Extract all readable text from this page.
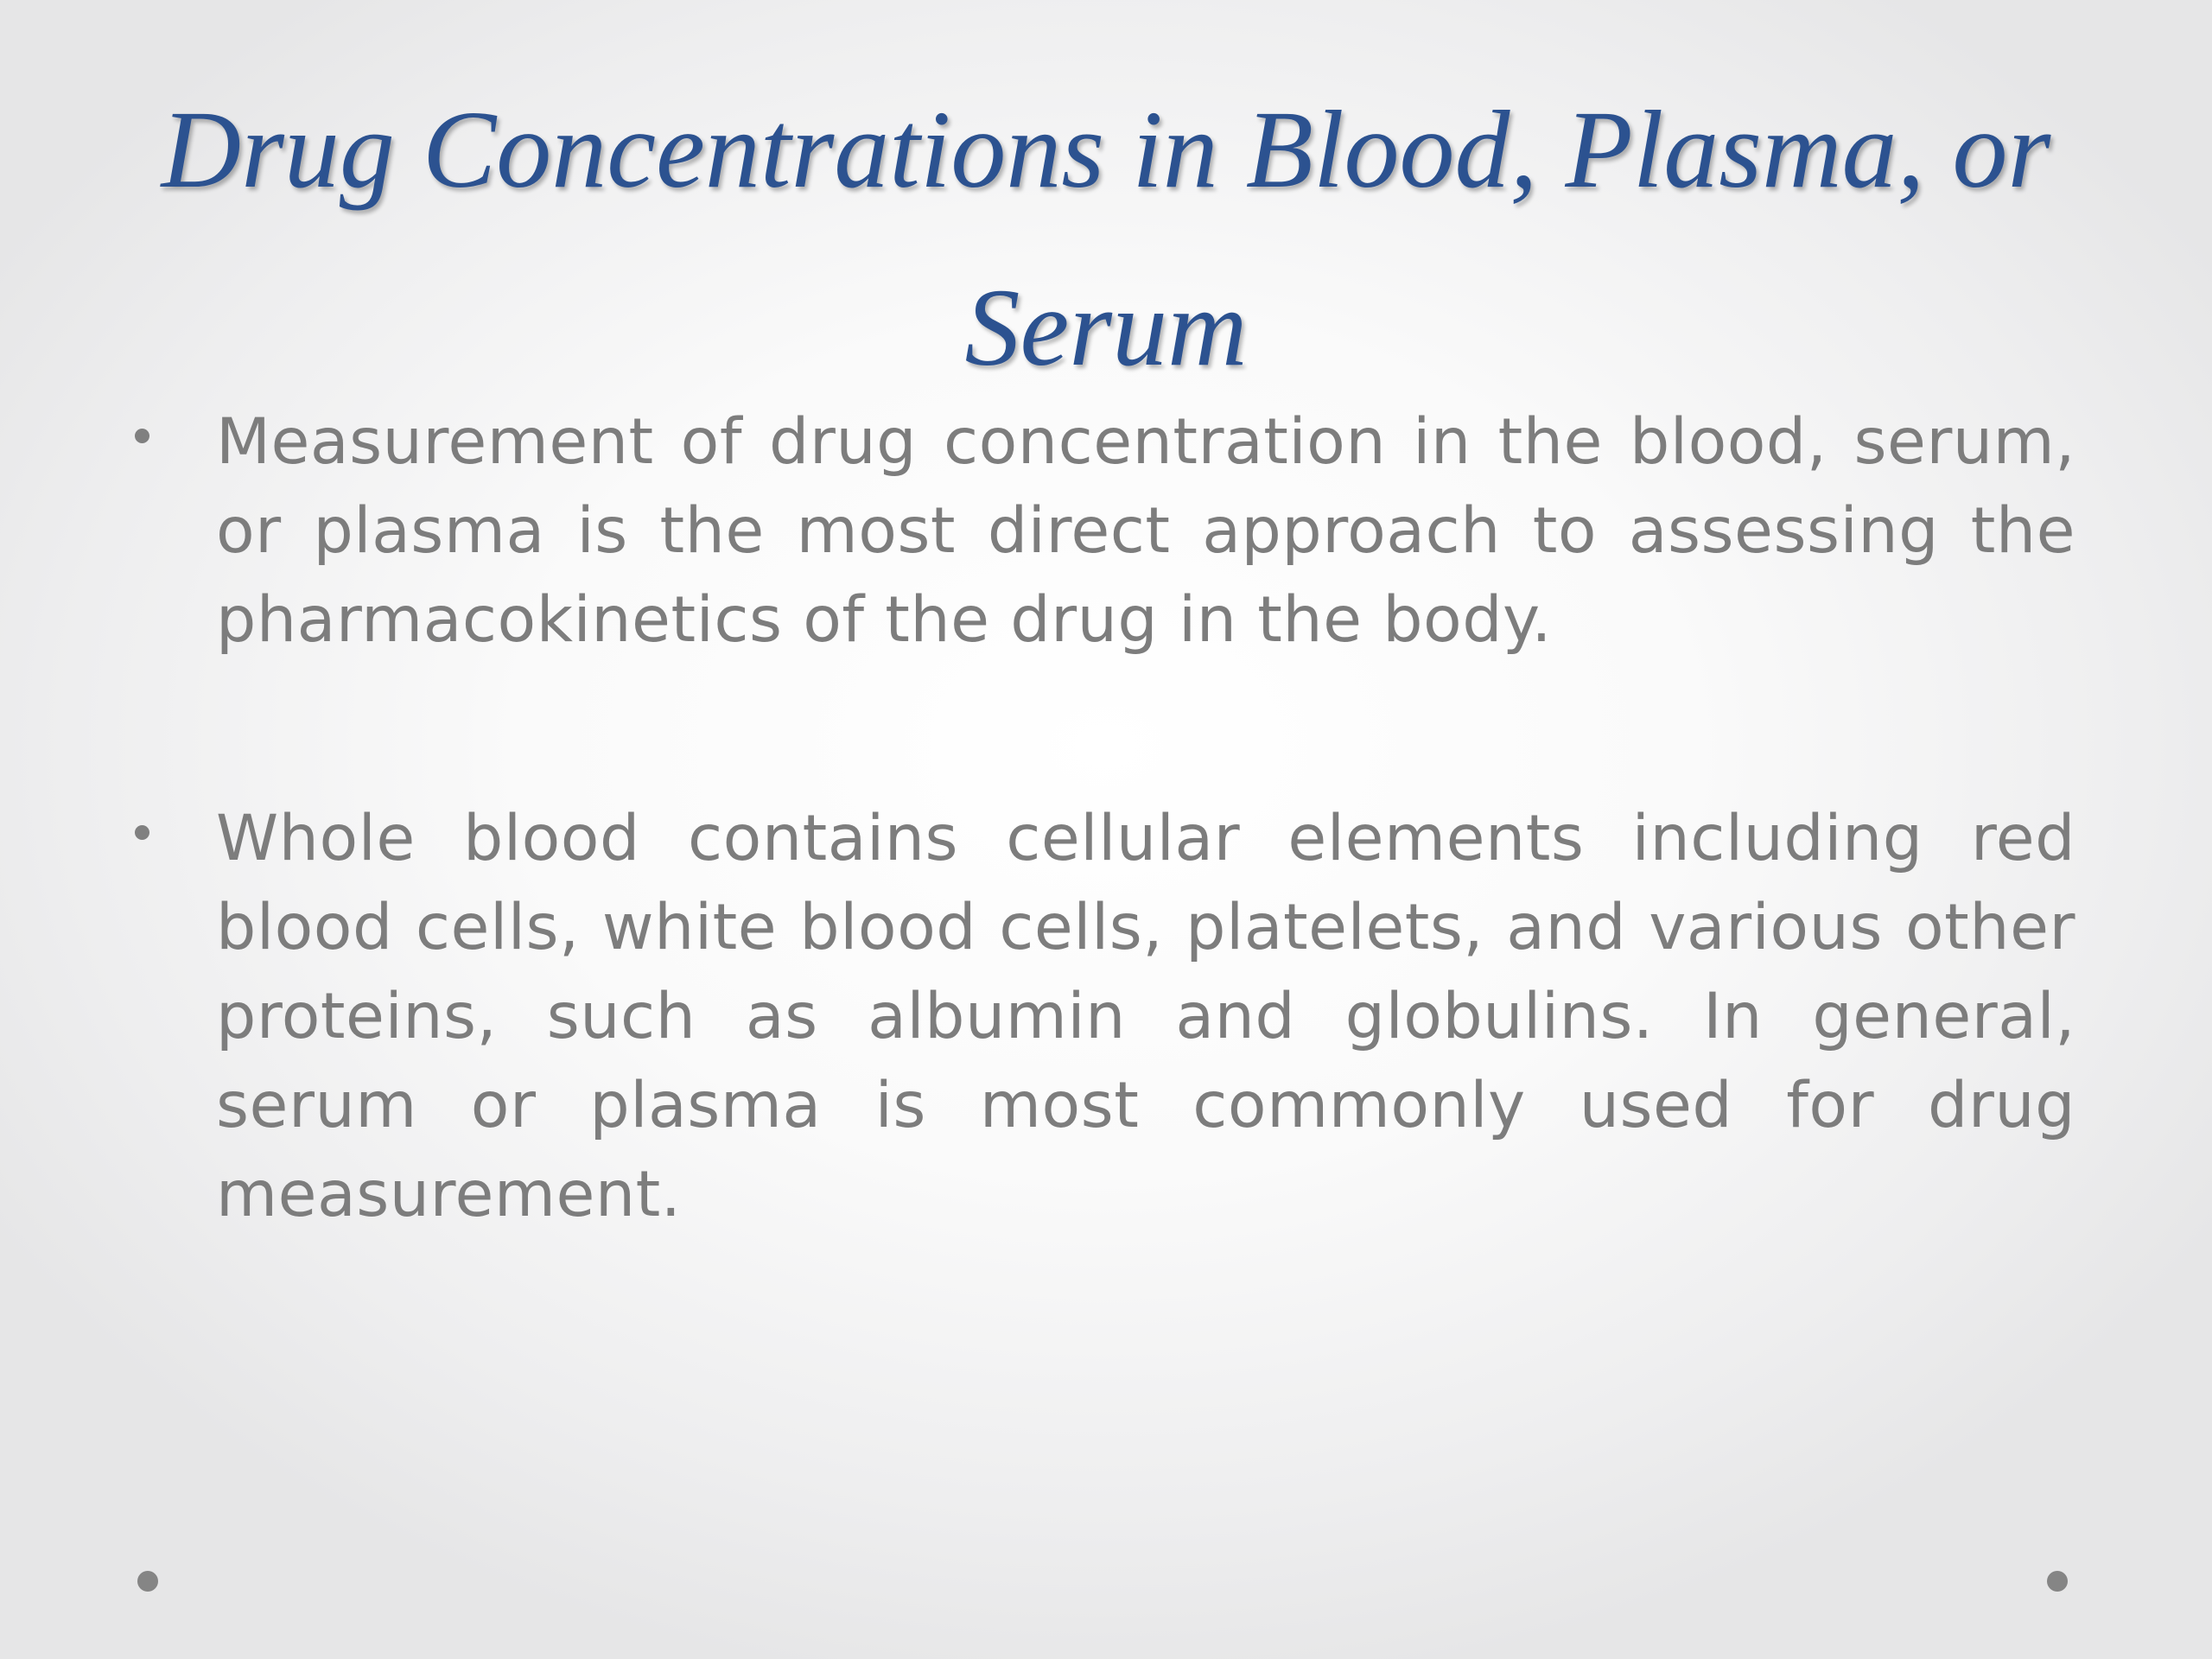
Drug Concentrations in Blood, Plasma, or Serum
Measurement of drug concentration in the blood, serum, or plasma is the most direct approach to assessing the pharmacokinetics of the drug in the body.
Whole blood contains cellular elements including red blood cells, white blood cells, platelets, and various other proteins, such as albumin and globulins. In general, serum or plasma is most commonly used for drug measurement.
